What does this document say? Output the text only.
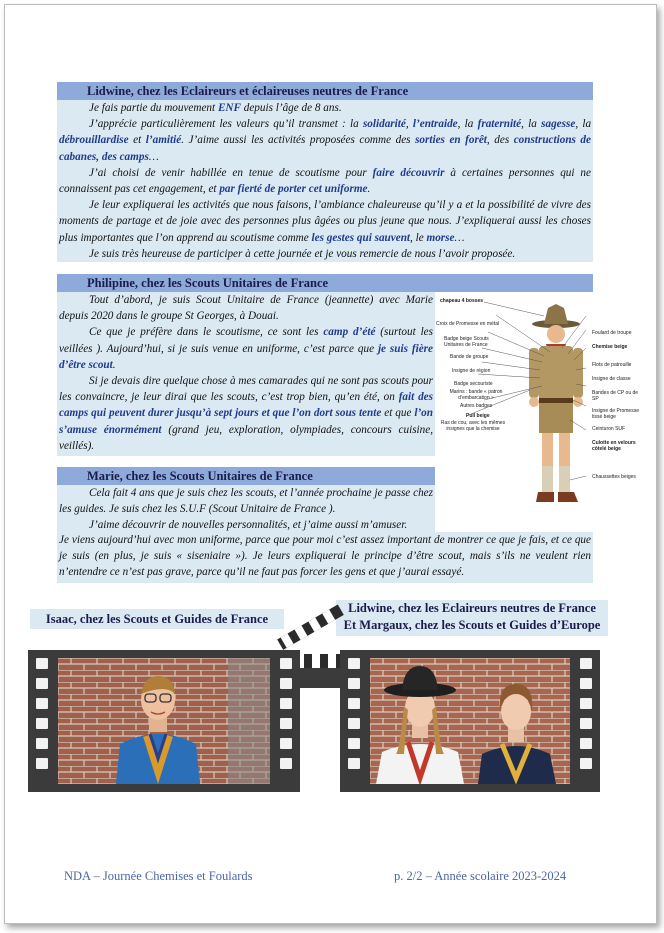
Lidwine, chez les Eclaireurs et éclaireuses neutres de France

Je fais partie du mouvement ENF depuis l’âge de 8 ans.

J’apprécie particulièrement les valeurs qu’il transmet : la solidarité, l’entraide, la fraternité, la sagesse, la débrouillardise et l’amitié. J’aime aussi les activités proposées comme des sorties en forêt, des constructions de cabanes, des camps…

J’ai choisi de venir habillée en tenue de scoutisme pour faire découvrir à certaines personnes qui ne connaissent pas cet engagement, et par fierté de porter cet uniforme.

Je leur expliquerai les activités que nous faisons, l’ambiance chaleureuse qu’il y a et la possibilité de vivre des moments de partage et de joie avec des personnes plus âgées ou plus jeune que nous. J’expliquerai aussi les choses plus importantes que l’on apprend au scoutisme comme les gestes qui sauvent, le morse…

Je suis très heureuse de participer à cette journée et je vous remercie de nous l’avoir proposée.

Philipine, chez les Scouts Unitaires de France

Tout d’abord, je suis Scout Unitaire de France (jeannette) avec Marie depuis 2020 dans le groupe St Georges, à Douai.

Ce que je préfère dans le scoutisme, ce sont les camp d’été (surtout les veillées ). Aujourd’hui, si je suis venue en uniforme, c’est parce que je suis fière d’être scout.

Si je devais dire quelque chose à mes camarades qui ne sont pas scouts pour les convaincre, je leur dirai que les scouts, c’est trop bien, qu’en été, on fait des camps qui peuvent durer jusqu’à sept jours et que l’on dort sous tente et que l’on s’amuse énormément (grand jeu, exploration, olympiades, concours cuisine, veillés).

chapeau 4 bosses
Croix de Promesse en métal
Badge beige Scouts Unitaires de France
Bande de groupe
Insigne de région
Badge secouriste
Marins : bande « patron d’embarcation »
Autres badges
Pull beige
Ras de cou, avec les mêmes insignes que la chemise
Foulard de troupe
Chemise beige
Flots de patrouille
Insigne de classe
Bandes de CP ou de SP
Insigne de Promesse tissé beige
Ceinturon SUF
Culotte en velours côtelé beige
Chaussettes beiges
Marie, chez les Scouts Unitaires de France

Cela fait 4 ans que je suis chez les scouts, et l’année prochaine je passe chez les guides. Je suis chez les S.U.F (Scout Unitaire de France ).

J’aime découvrir de nouvelles personnalités, et j’aime aussi m’amuser.

Je viens aujourd’hui avec mon uniforme, parce que pour moi c’est assez important de montrer ce que je fais, et ce que je suis (en plus, je suis « siseniaire »). Je leurs expliquerai le principe d’être scout, mais s’ils ne veulent rien n’entendre ce n’est pas grave, parce qu’il ne faut pas forcer les gens et que j’aurai essayé.

Isaac, chez les Scouts et Guides de France
Lidwine, chez les Eclaireurs neutres de France
Et Margaux, chez les Scouts et Guides d’Europe
NDA – Journée Chemises et Foulards	p. 2/2 – Année scolaire 2023-2024
